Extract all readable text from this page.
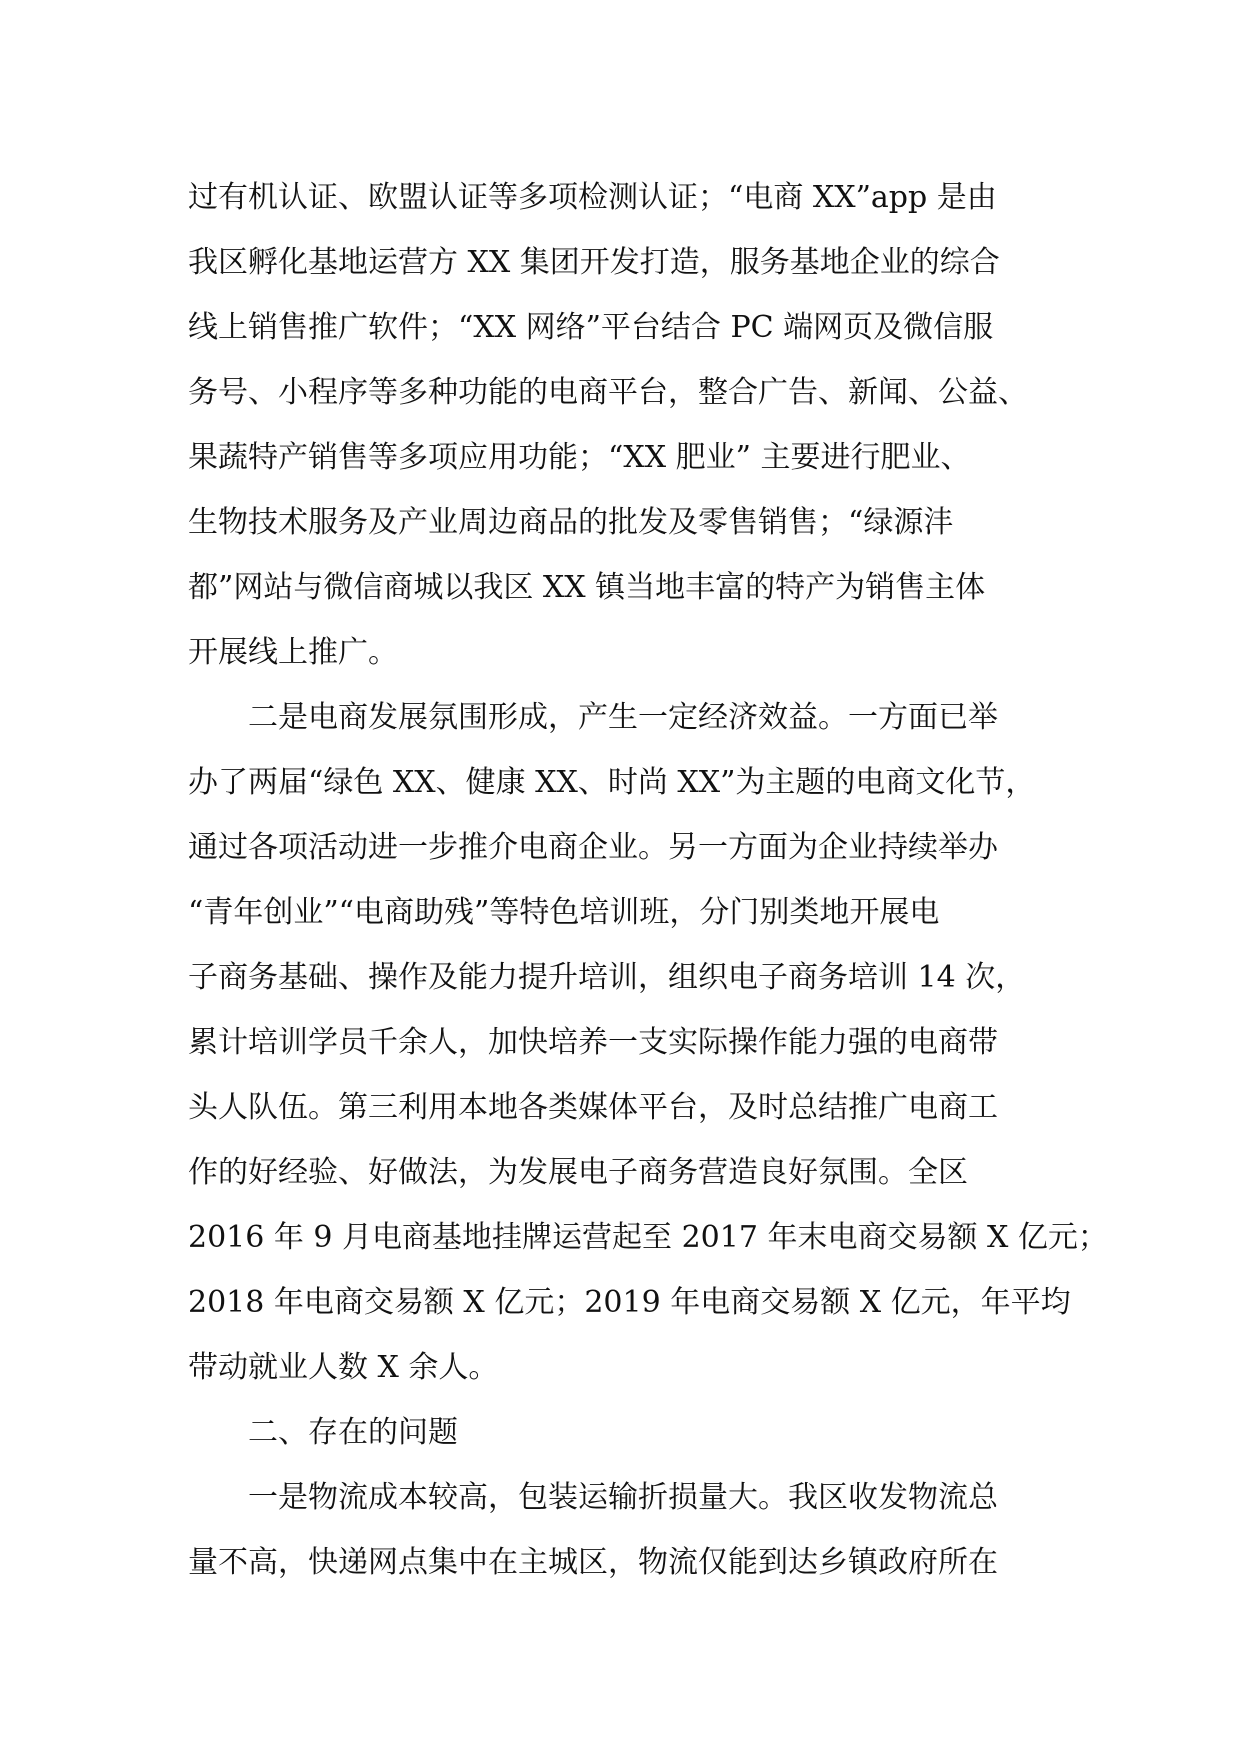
过有机认证、欧盟认证等多项检测认证；“电商 XX”app 是由
我区孵化基地运营方 XX 集团开发打造，服务基地企业的综合
线上销售推广软件；“XX 网络”平台结合 PC 端网页及微信服
务号、小程序等多种功能的电商平台，整合广告、新闻、公益、
果蔬特产销售等多项应用功能；“XX 肥业” 主要进行肥业、
生物技术服务及产业周边商品的批发及零售销售；“绿源沣
都”网站与微信商城以我区 XX 镇当地丰富的特产为销售主体
开展线上推广。
二是电商发展氛围形成，产生一定经济效益。一方面已举
办了两届“绿色 XX、健康 XX、时尚 XX”为主题的电商文化节，
通过各项活动进一步推介电商企业。另一方面为企业持续举办
“青年创业”“电商助残”等特色培训班，分门别类地开展电
子商务基础、操作及能力提升培训，组织电子商务培训 14 次，
累计培训学员千余人，加快培养一支实际操作能力强的电商带
头人队伍。第三利用本地各类媒体平台，及时总结推广电商工
作的好经验、好做法，为发展电子商务营造良好氛围。全区
2016 年 9 月电商基地挂牌运营起至 2017 年末电商交易额 X 亿元；
2018 年电商交易额 X 亿元；2019 年电商交易额 X 亿元，年平均
带动就业人数 X 余人。
二、存在的问题
一是物流成本较高，包装运输折损量大。我区收发物流总
量不高，快递网点集中在主城区，物流仅能到达乡镇政府所在
